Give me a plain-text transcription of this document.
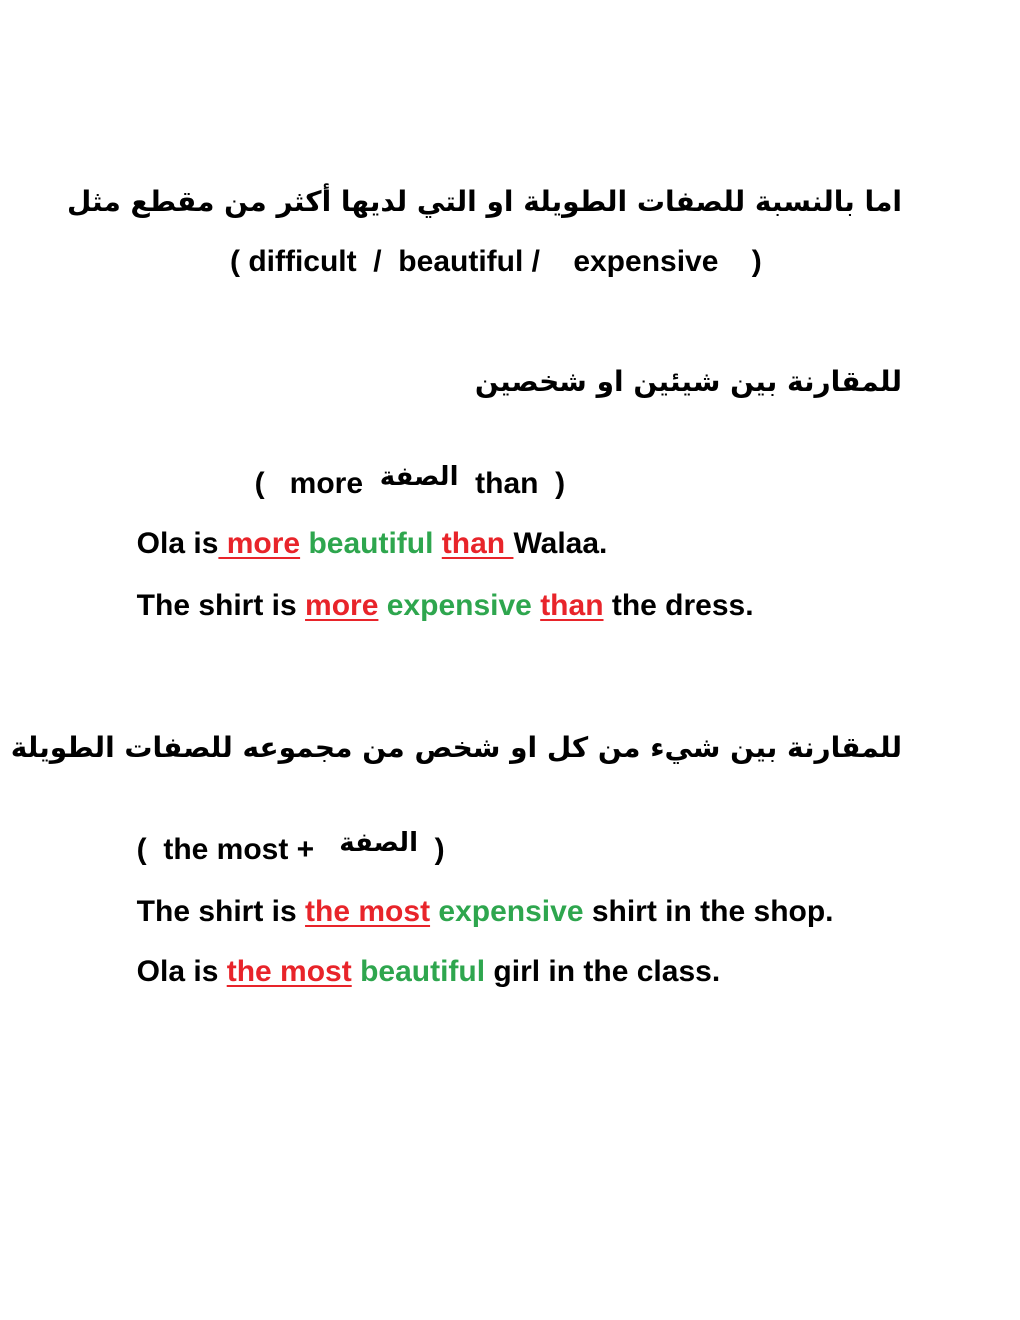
اما بالنسبة للصفات الطويلة او التي لديها أكثر من مقطع مثل
( difficult  /  beautiful /    expensive    )
للمقارنة بين شيئين او شخصين

(   more  الصفة  than  )

Ola is more beautiful than Walaa.

The shirt is more expensive than the dress.

للمقارنة بين شيء من كل او شخص من مجموعه للصفات الطويلة

(  the most +   الصفة  )

The shirt is the most expensive shirt in the shop.

Ola is the most beautiful girl in the class.
